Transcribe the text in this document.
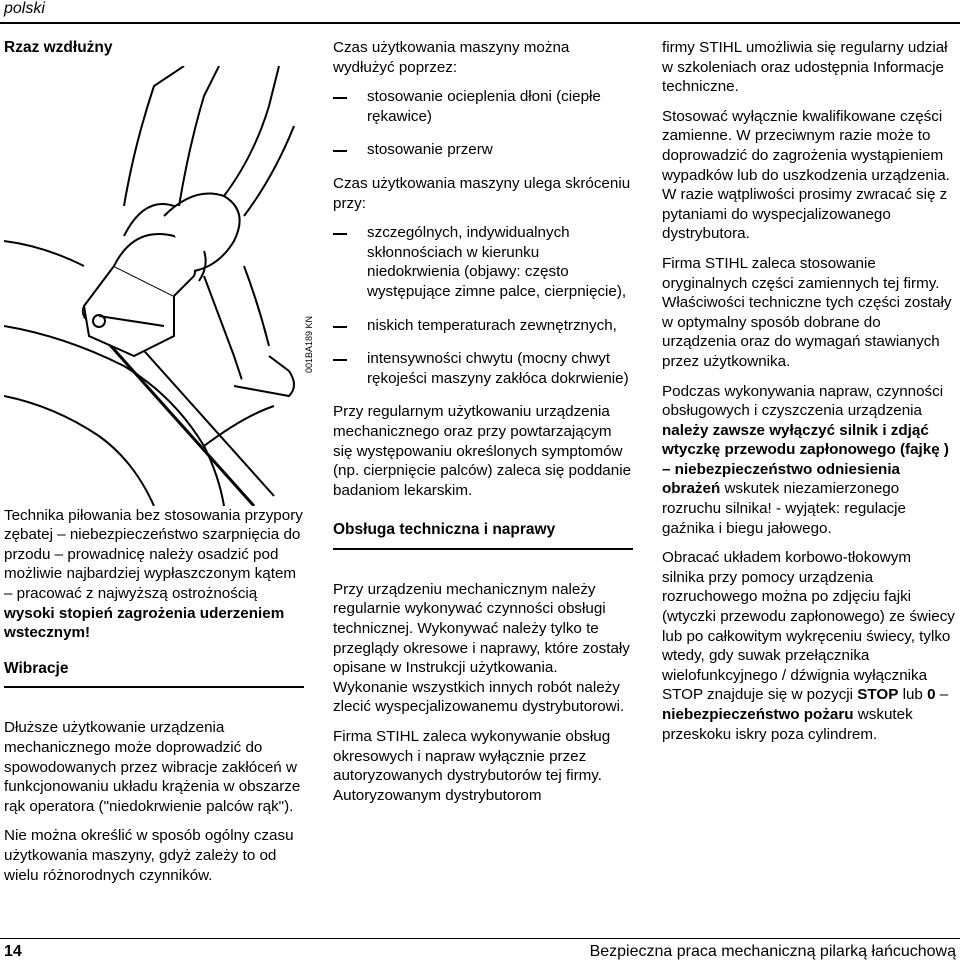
polski
Rzaz wzdłużny
001BA189 KN

Technika piłowania bez stosowania przypory zębatej – niebezpieczeństwo szarpnięcia do przodu – prowadnicę należy osadzić pod możliwie najbardziej wypłaszczonym kątem – pracować z najwyższą ostrożnością wysoki stopień zagrożenia uderzeniem wstecznym!

Wibracje

Dłuższe użytkowanie urządzenia mechanicznego może doprowadzić do spowodowanych przez wibracje zakłóceń w funkcjonowaniu układu krążenia w obszarze rąk operatora ("niedokrwienie palców rąk").

Nie można określić w sposób ogólny czasu użytkowania maszyny, gdyż zależy to od wielu różnorodnych czynników.

Czas użytkowania maszyny można wydłużyć poprzez:

stosowanie ocieplenia dłoni (ciepłe rękawice)
stosowanie przerw

Czas użytkowania maszyny ulega skróceniu przy:

szczególnych, indywidualnych skłonnościach w kierunku niedokrwienia (objawy: często występujące zimne palce, cierpnięcie),
niskich temperaturach zewnętrznych,
intensywności chwytu (mocny chwyt rękojeści maszyny zakłóca dokrwienie)

Przy regularnym użytkowaniu urządzenia mechanicznego oraz przy powtarzającym się występowaniu określonych symptomów (np. cierpnięcie palców) zaleca się poddanie badaniom lekarskim.

Obsługa techniczna i naprawy

Przy urządzeniu mechanicznym należy regularnie wykonywać czynności obsługi technicznej. Wykonywać należy tylko te przeglądy okresowe i naprawy, które zostały opisane w Instrukcji użytkowania. Wykonanie wszystkich innych robót należy zlecić wyspecjalizowanemu dystrybutorowi.

Firma STIHL zaleca wykonywanie obsług okresowych i napraw wyłącznie przez autoryzowanych dystrybutorów tej firmy. Autoryzowanym dystrybutorom

firmy STIHL umożliwia się regularny udział w szkoleniach oraz udostępnia Informacje techniczne.

Stosować wyłącznie kwalifikowane części zamienne. W przeciwnym razie może to doprowadzić do zagrożenia wystąpieniem wypadków lub do uszkodzenia urządzenia. W razie wątpliwości prosimy zwracać się z pytaniami do wyspecjalizowanego dystrybutora.

Firma STIHL zaleca stosowanie oryginalnych części zamiennych tej firmy. Właściwości techniczne tych części zostały w optymalny sposób dobrane do urządzenia oraz do wymagań stawianych przez użytkownika.

Podczas wykonywania napraw, czynności obsługowych i czyszczenia urządzenia należy zawsze wyłączyć silnik i zdjąć wtyczkę przewodu zapłonowego (fajkę ) – niebezpieczeństwo odniesienia obrażeń wskutek niezamierzonego rozruchu silnika! - wyjątek: regulacje gaźnika i biegu jałowego.

Obracać układem korbowo-tłokowym silnika przy pomocy urządzenia rozruchowego można po zdjęciu fajki (wtyczki przewodu zapłonowego) ze świecy lub po całkowitym wykręceniu świecy, tylko wtedy, gdy suwak przełącznika wielofunkcyjnego / dźwignia wyłącznika STOP znajduje się w pozycji STOP lub 0 – niebezpieczeństwo pożaru wskutek przeskoku iskry poza cylindrem.

14	Bezpieczna praca mechaniczną pilarką łańcuchową
